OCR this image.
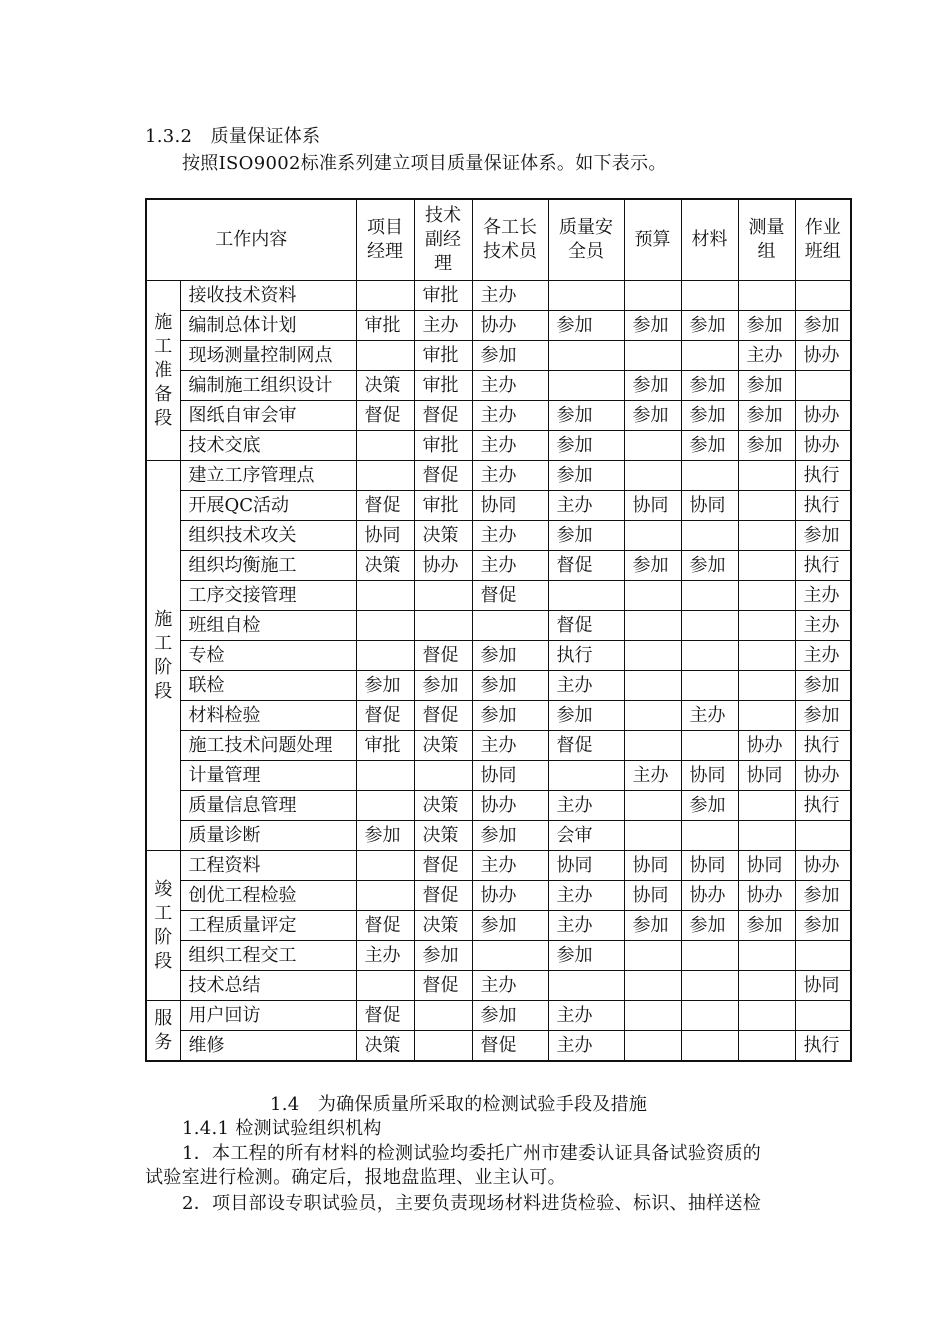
1.3.2　质量保证体系
按照ISO9002标准系列建立项目质量保证体系。如下表示。
工作内容		项目经理	技术副经理	各工长技术员	质量安全员	预算	材料	测量组	作业班组
施工准备段	接收技术资料		审批	主办					
	编制总体计划	审批	主办	协办	参加	参加	参加	参加	参加
	现场测量控制网点		审批	参加				主办	协办
	编制施工组织设计	决策	审批	主办		参加	参加	参加	
	图纸自审会审	督促	督促	主办	参加	参加	参加	参加	协办
	技术交底		审批	主办	参加		参加	参加	协办
施工阶段	建立工序管理点		督促	主办	参加				执行
	开展QC活动	督促	审批	协同	主办	协同	协同		执行
	组织技术攻关	协同	决策	主办	参加				参加
	组织均衡施工	决策	协办	主办	督促	参加	参加		执行
	工序交接管理			督促					主办
	班组自检				督促				主办
	专检		督促	参加	执行				主办
	联检	参加	参加	参加	主办				参加
	材料检验	督促	督促	参加	参加		主办		参加
	施工技术问题处理	审批	决策	主办	督促			协办	执行
	计量管理			协同		主办	协同	协同	协办
	质量信息管理		决策	协办	主办		参加		执行
	质量诊断	参加	决策	参加	会审				
竣工阶段	工程资料		督促	主办	协同	协同	协同	协同	协办
	创优工程检验		督促	协办	主办	协同	协办	协办	参加
	工程质量评定	督促	决策	参加	主办	参加	参加	参加	参加
	组织工程交工	主办	参加		参加				
	技术总结		督促	主办					协同
服务	用户回访	督促		参加	主办				
	维修	决策		督促	主办				执行
1.4　为确保质量所采取的检测试验手段及措施
1.4.1 检测试验组织机构
1．本工程的所有材料的检测试验均委托广州市建委认证具备试验资质的
试验室进行检测。确定后，报地盘监理、业主认可。
2．项目部设专职试验员，主要负责现场材料进货检验、标识、抽样送检
